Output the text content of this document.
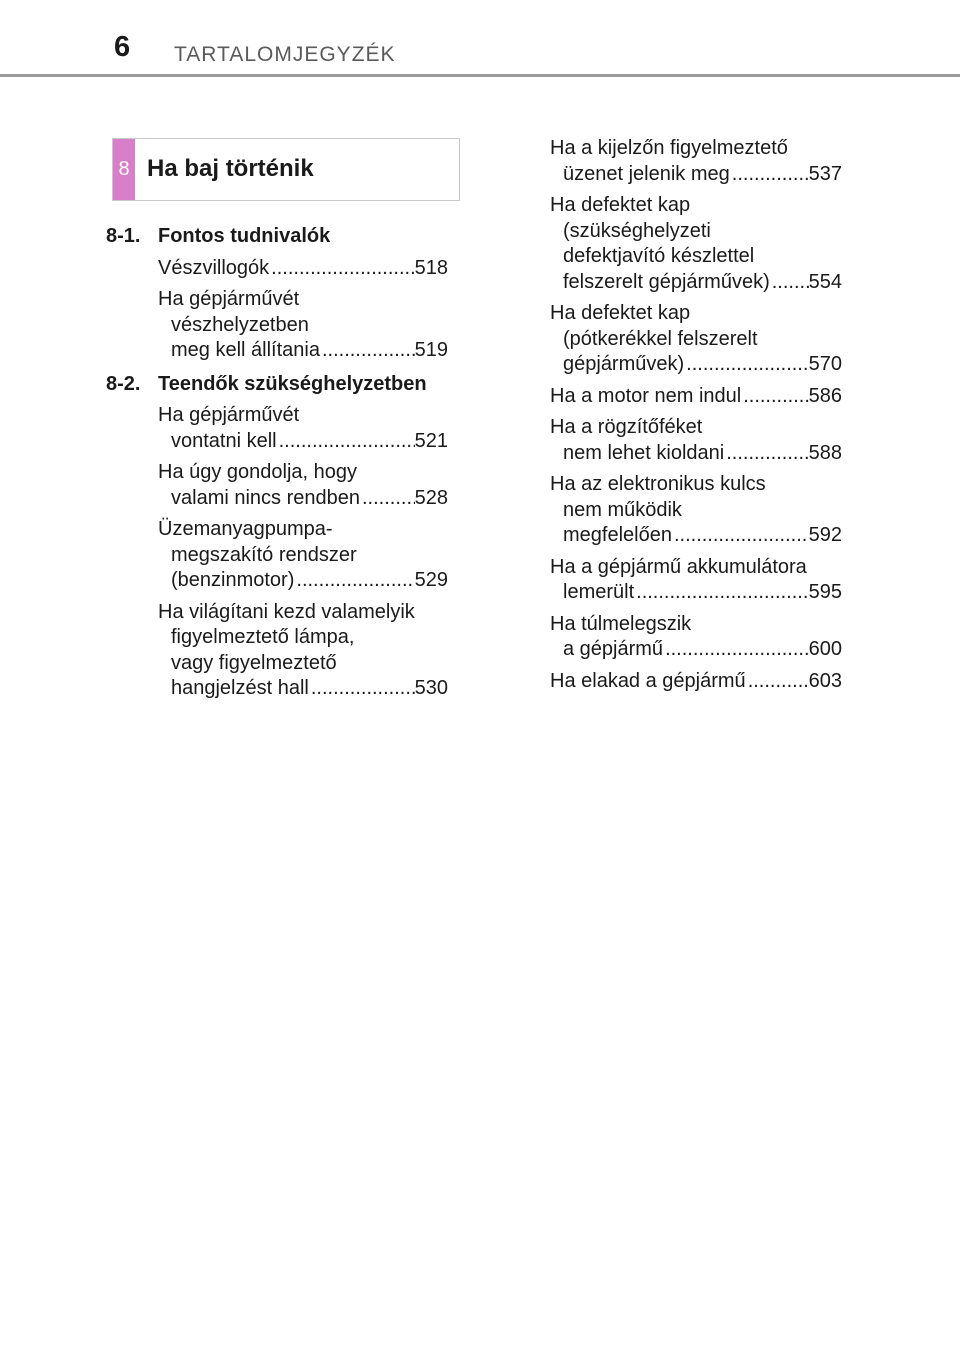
6 TARTALOMJEGYZÉK
8 Ha baj történik
8-1. Fontos tudnivalók
Vészvillogók .....	518
Ha gépjárművét
vészhelyzetben
meg kell állítania .....	519
8-2. Teendők szükséghelyzetben
Ha gépjárművét
vontatni kell .....	521
Ha úgy gondolja, hogy
valami nincs rendben .....	528
Üzemanyagpumpa-
megszakító rendszer
(benzinmotor) .....	529
Ha világítani kezd valamelyik
figyelmeztető lámpa,
vagy figyelmeztető
hangjelzést hall .....	530
Ha a kijelzőn figyelmeztető
üzenet jelenik meg .....	537
Ha defektet kap
(szükséghelyzeti
defektjavító készlettel
felszerelt gépjárművek) ..... 554
Ha defektet kap
(pótkerékkel felszerelt
gépjárművek) .....	570
Ha a motor nem indul .....	586
Ha a rögzítőféket
nem lehet kioldani .....	588
Ha az elektronikus kulcs
nem működik
megfelelően .....	592
Ha a gépjármű akkumulátora
lemerült .....	595
Ha túlmelegszik
a gépjármű .....	600
Ha elakad a gépjármű .....	603
